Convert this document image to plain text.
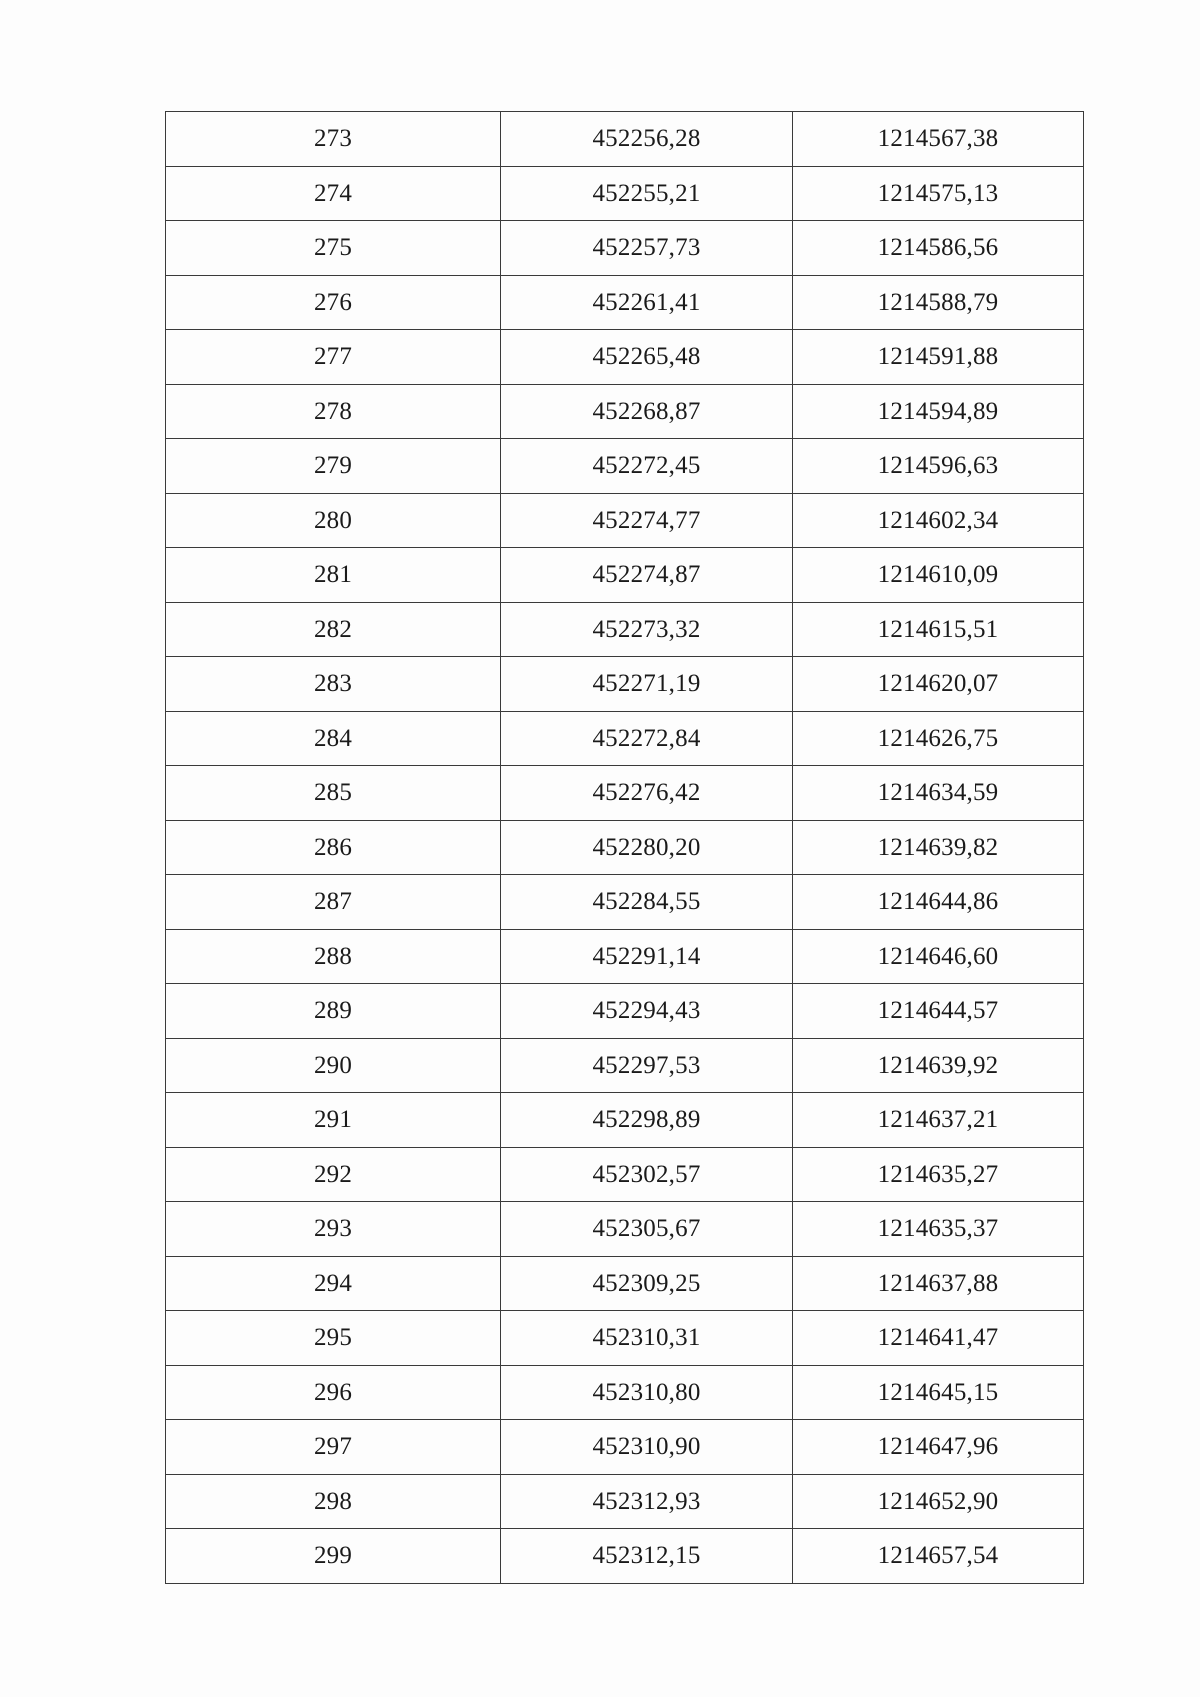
273	452256,28	1214567,38
274	452255,21	1214575,13
275	452257,73	1214586,56
276	452261,41	1214588,79
277	452265,48	1214591,88
278	452268,87	1214594,89
279	452272,45	1214596,63
280	452274,77	1214602,34
281	452274,87	1214610,09
282	452273,32	1214615,51
283	452271,19	1214620,07
284	452272,84	1214626,75
285	452276,42	1214634,59
286	452280,20	1214639,82
287	452284,55	1214644,86
288	452291,14	1214646,60
289	452294,43	1214644,57
290	452297,53	1214639,92
291	452298,89	1214637,21
292	452302,57	1214635,27
293	452305,67	1214635,37
294	452309,25	1214637,88
295	452310,31	1214641,47
296	452310,80	1214645,15
297	452310,90	1214647,96
298	452312,93	1214652,90
299	452312,15	1214657,54
